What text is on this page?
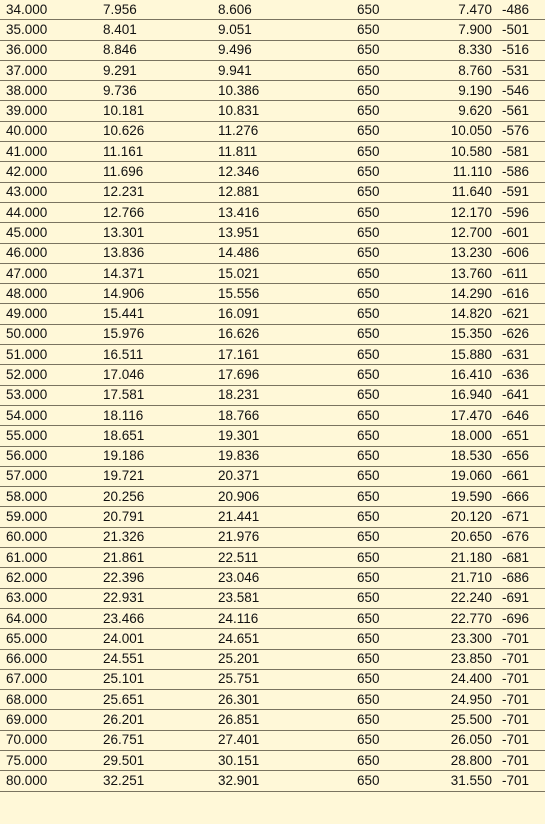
34.000	7.956	8.606	650	7.470	-486
35.000	8.401	9.051	650	7.900	-501
36.000	8.846	9.496	650	8.330	-516
37.000	9.291	9.941	650	8.760	-531
38.000	9.736	10.386	650	9.190	-546
39.000	10.181	10.831	650	9.620	-561
40.000	10.626	11.276	650	10.050	-576
41.000	11.161	11.811	650	10.580	-581
42.000	11.696	12.346	650	11.110	-586
43.000	12.231	12.881	650	11.640	-591
44.000	12.766	13.416	650	12.170	-596
45.000	13.301	13.951	650	12.700	-601
46.000	13.836	14.486	650	13.230	-606
47.000	14.371	15.021	650	13.760	-611
48.000	14.906	15.556	650	14.290	-616
49.000	15.441	16.091	650	14.820	-621
50.000	15.976	16.626	650	15.350	-626
51.000	16.511	17.161	650	15.880	-631
52.000	17.046	17.696	650	16.410	-636
53.000	17.581	18.231	650	16.940	-641
54.000	18.116	18.766	650	17.470	-646
55.000	18.651	19.301	650	18.000	-651
56.000	19.186	19.836	650	18.530	-656
57.000	19.721	20.371	650	19.060	-661
58.000	20.256	20.906	650	19.590	-666
59.000	20.791	21.441	650	20.120	-671
60.000	21.326	21.976	650	20.650	-676
61.000	21.861	22.511	650	21.180	-681
62.000	22.396	23.046	650	21.710	-686
63.000	22.931	23.581	650	22.240	-691
64.000	23.466	24.116	650	22.770	-696
65.000	24.001	24.651	650	23.300	-701
66.000	24.551	25.201	650	23.850	-701
67.000	25.101	25.751	650	24.400	-701
68.000	25.651	26.301	650	24.950	-701
69.000	26.201	26.851	650	25.500	-701
70.000	26.751	27.401	650	26.050	-701
75.000	29.501	30.151	650	28.800	-701
80.000	32.251	32.901	650	31.550	-701
